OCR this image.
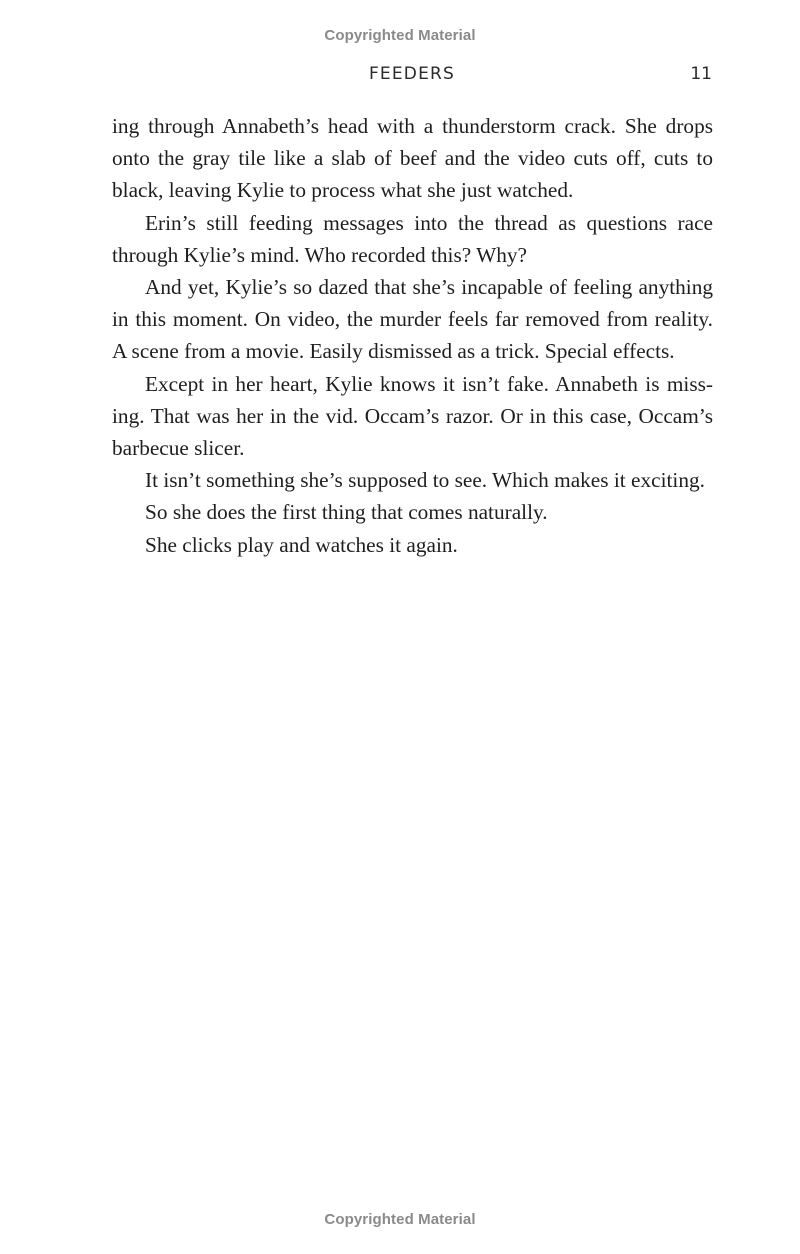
Copyrighted Material
FEEDERS	11

ing through Annabeth’s head with a thunderstorm crack. She drops onto the gray tile like a slab of beef and the video cuts off, cuts to black, leaving Kylie to process what she just watched.

Erin’s still feeding messages into the thread as questions race through Kylie’s mind. Who recorded this? Why?

And yet, Kylie’s so dazed that she’s incapable of feeling anything in this moment. On video, the murder feels far removed from reality. A scene from a movie. Easily dismissed as a trick. Special effects.

Except in her heart, Kylie knows it isn’t fake. Annabeth is missing. That was her in the vid. Occam’s razor. Or in this case, Occam’s barbecue slicer.

It isn’t something she’s supposed to see. Which makes it exciting.

So she does the first thing that comes naturally.

She clicks play and watches it again.

Copyrighted Material
